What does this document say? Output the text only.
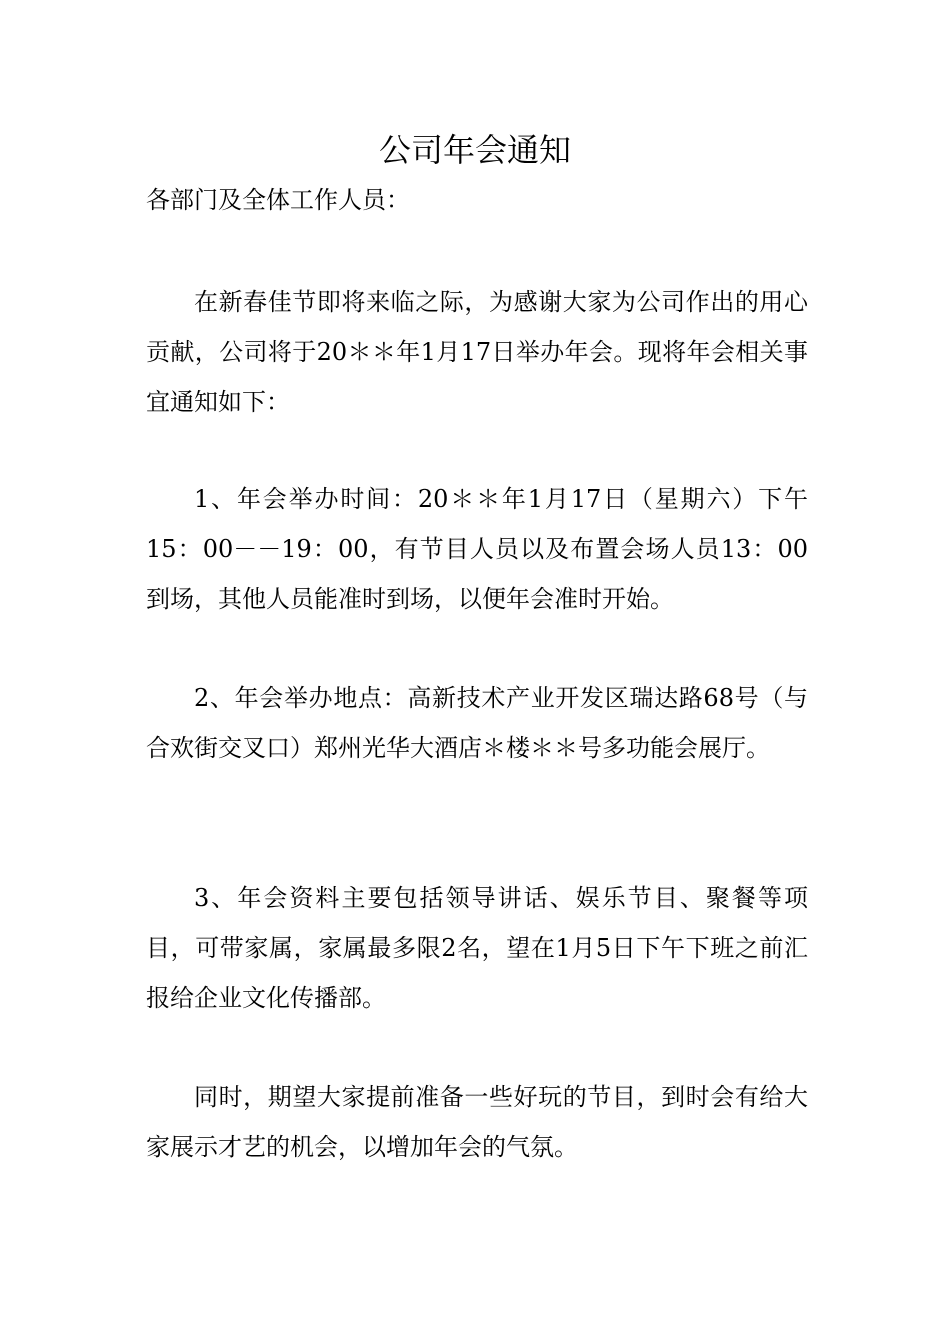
公司年会通知

各部门及全体工作人员：

在新春佳节即将来临之际，为感谢大家为公司作出的用心贡献，公司将于20＊＊年1月17日举办年会。现将年会相关事宜通知如下：

1、年会举办时间：20＊＊年1月17日（星期六）下午15：00－－19：00，有节目人员以及布置会场人员13：00到场，其他人员能准时到场，以便年会准时开始。

2、年会举办地点：高新技术产业开发区瑞达路68号（与合欢街交叉口）郑州光华大酒店＊楼＊＊号多功能会展厅。

3、年会资料主要包括领导讲话、娱乐节目、聚餐等项目，可带家属，家属最多限2名，望在1月5日下午下班之前汇报给企业文化传播部。

同时，期望大家提前准备一些好玩的节目，到时会有给大家展示才艺的机会，以增加年会的气氛。
